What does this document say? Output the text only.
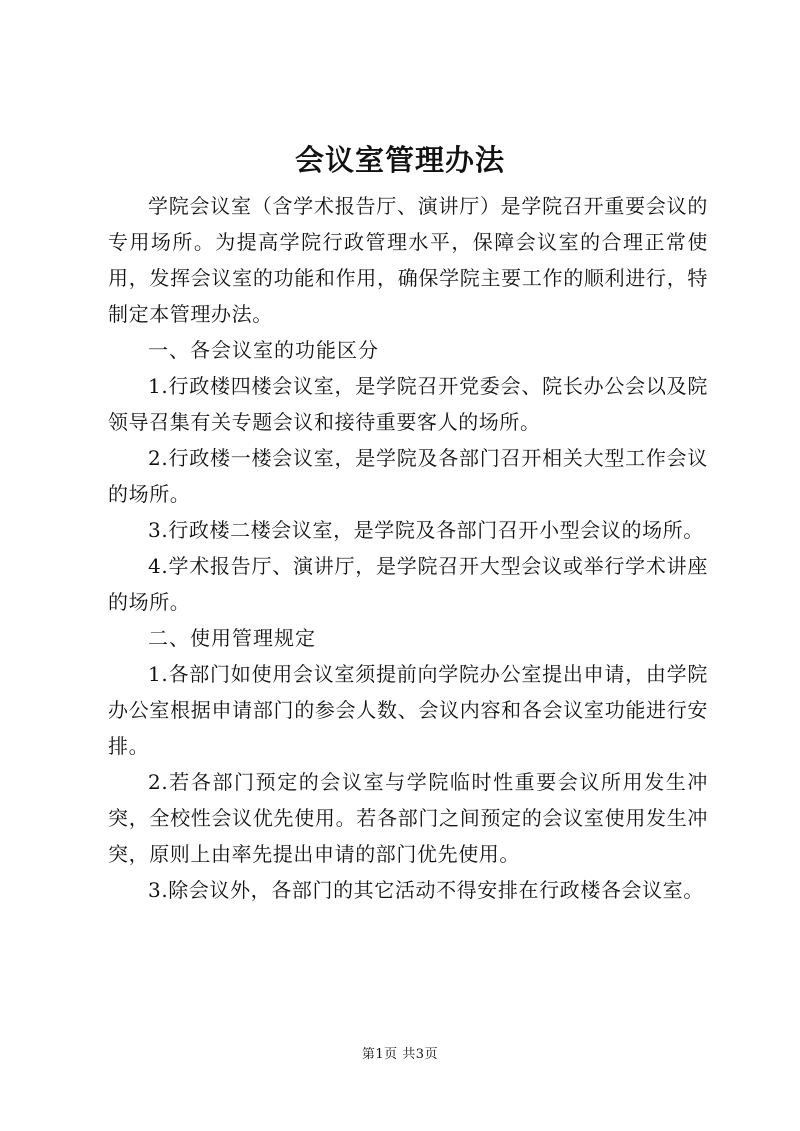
会议室管理办法

学院会议室（含学术报告厅、演讲厅）是学院召开重要会议的专用场所。为提高学院行政管理水平，保障会议室的合理正常使用，发挥会议室的功能和作用，确保学院主要工作的顺利进行，特制定本管理办法。

一、各会议室的功能区分

1.行政楼四楼会议室，是学院召开党委会、院长办公会以及院领导召集有关专题会议和接待重要客人的场所。

2.行政楼一楼会议室，是学院及各部门召开相关大型工作会议的场所。

3.行政楼二楼会议室，是学院及各部门召开小型会议的场所。

4.学术报告厅、演讲厅，是学院召开大型会议或举行学术讲座的场所。

二、使用管理规定

1.各部门如使用会议室须提前向学院办公室提出申请，由学院办公室根据申请部门的参会人数、会议内容和各会议室功能进行安排。

2.若各部门预定的会议室与学院临时性重要会议所用发生冲突，全校性会议优先使用。若各部门之间预定的会议室使用发生冲突，原则上由率先提出申请的部门优先使用。

3.除会议外，各部门的其它活动不得安排在行政楼各会议室。

第1页 共3页
